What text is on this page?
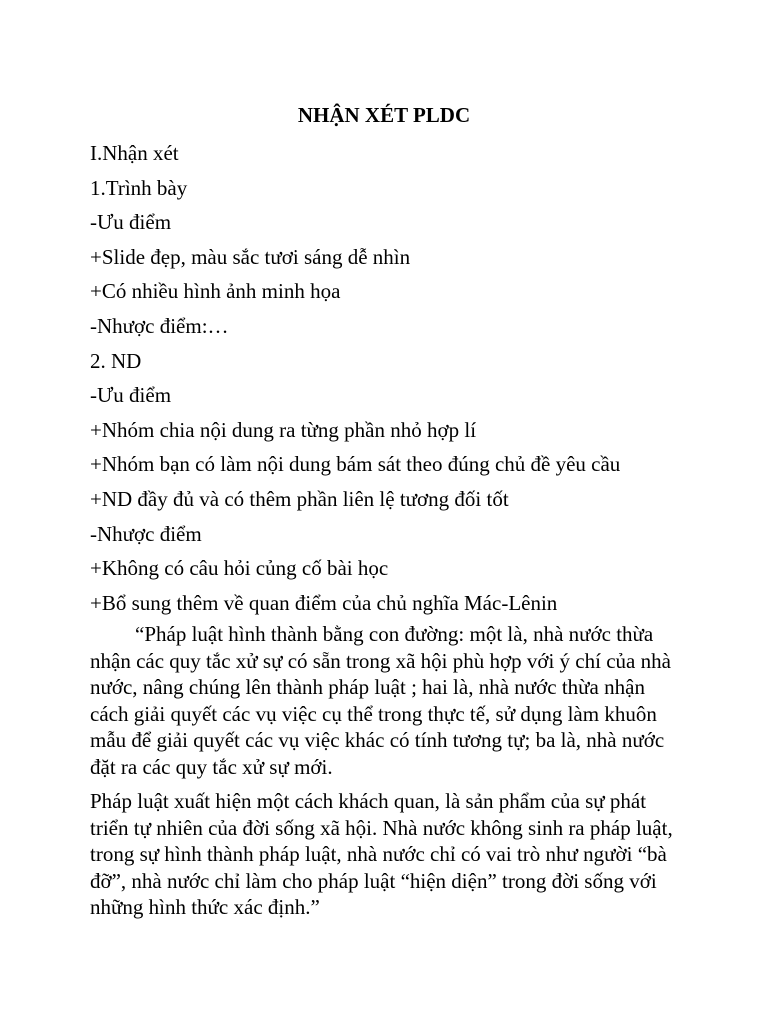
NHẬN XÉT PLDC
I.Nhận xét
1.Trình bày
-Ưu điểm
+Slide đẹp, màu sắc tươi sáng dễ nhìn
+Có nhiều hình ảnh minh họa
-Nhược điểm:…
2. ND
-Ưu điểm
+Nhóm chia nội dung ra từng phần nhỏ hợp lí
+Nhóm bạn có làm nội dung bám sát theo đúng chủ đề yêu cầu
+ND đầy đủ và có thêm phần liên lệ tương đối tốt
-Nhược điểm
+Không có câu hỏi củng cố bài học
+Bổ sung thêm về quan điểm của chủ nghĩa Mác-Lênin

“Pháp luật hình thành bằng con đường: một là, nhà nước thừa nhận các quy tắc xử sự có sẵn trong xã hội phù hợp với ý chí của nhà nước, nâng chúng lên thành pháp luật ; hai là, nhà nước thừa nhận cách giải quyết các vụ việc cụ thể trong thực tế, sử dụng làm khuôn mẫu để giải quyết các vụ việc khác có tính tương tự; ba là, nhà nước đặt ra các quy tắc xử sự mới.

Pháp luật xuất hiện một cách khách quan, là sản phẩm của sự phát triển tự nhiên của đời sống xã hội. Nhà nước không sinh ra pháp luật, trong sự hình thành pháp luật, nhà nước chỉ có vai trò như người “bà đỡ”, nhà nước chỉ làm cho pháp luật “hiện diện” trong đời sống với những hình thức xác định.”
